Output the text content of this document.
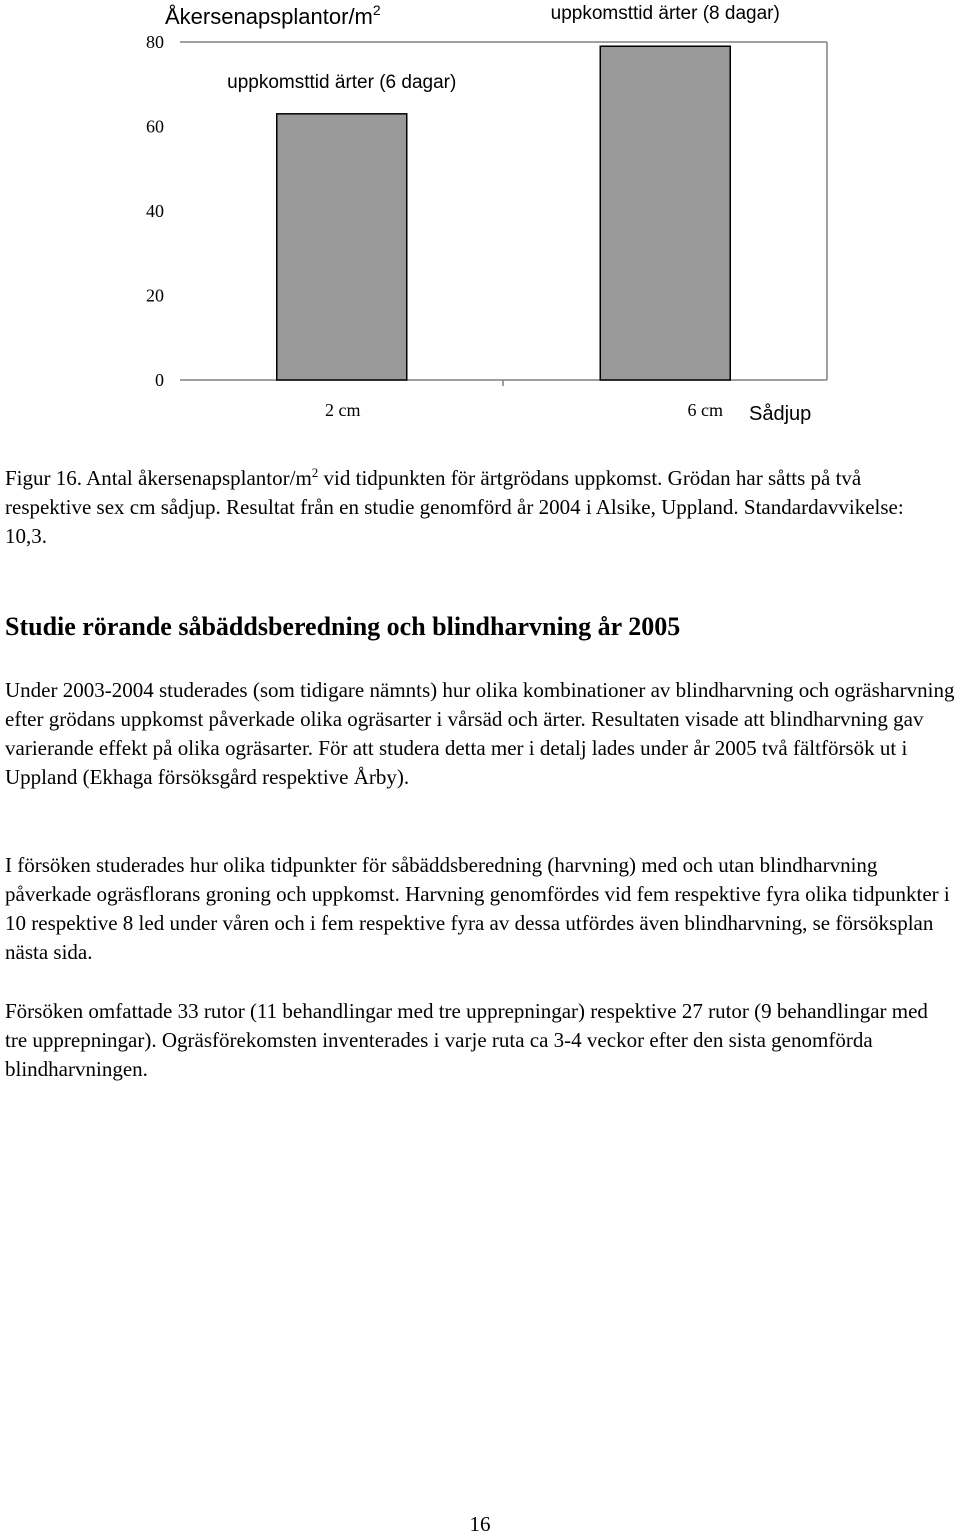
Åkersenapsplantor/$m^2$
0
20
40
60
80
uppkomsttid ärter (6 dagar)
uppkomsttid ärter (8 dagar)
2 cm	6 cm Sådjup

Figur 16. Antal åkersenapsplantor/$m^2$ vid tidpunkten för ärtgrödans uppkomst. Grödan har såtts på två respektive sex cm sådjup. Resultat från en studie genomförd år 2004 i Alsike, Uppland. Standardavvikelse: 10,3.

Studie rörande såbäddsberedning och blindharvning år 2005

Under 2003-2004 studerades (som tidigare nämnts) hur olika kombinationer av blindharvning och ogräsharvning efter grödans uppkomst påverkade olika ogräsarter i vårsäd och ärter. Resultaten visade att blindharvning gav varierande effekt på olika ogräsarter. För att studera detta mer i detalj lades under år 2005 två fältförsök ut i Uppland (Ekhaga försöksgård respektive Årby).

I försöken studerades hur olika tidpunkter för såbäddsberedning (harvning) med och utan blindharvning påverkade ogräsflorans groning och uppkomst. Harvning genomfördes vid fem respektive fyra olika tidpunkter i 10 respektive 8 led under våren och i fem respektive fyra av dessa utfördes även blindharvning, se försöksplan nästa sida.

Försöken omfattade 33 rutor (11 behandlingar med tre upprepningar) respektive 27 rutor (9 behandlingar med tre upprepningar). Ogräsförekomsten inventerades i varje ruta ca 3-4 veckor efter den sista genomförda blindharvningen.

16
